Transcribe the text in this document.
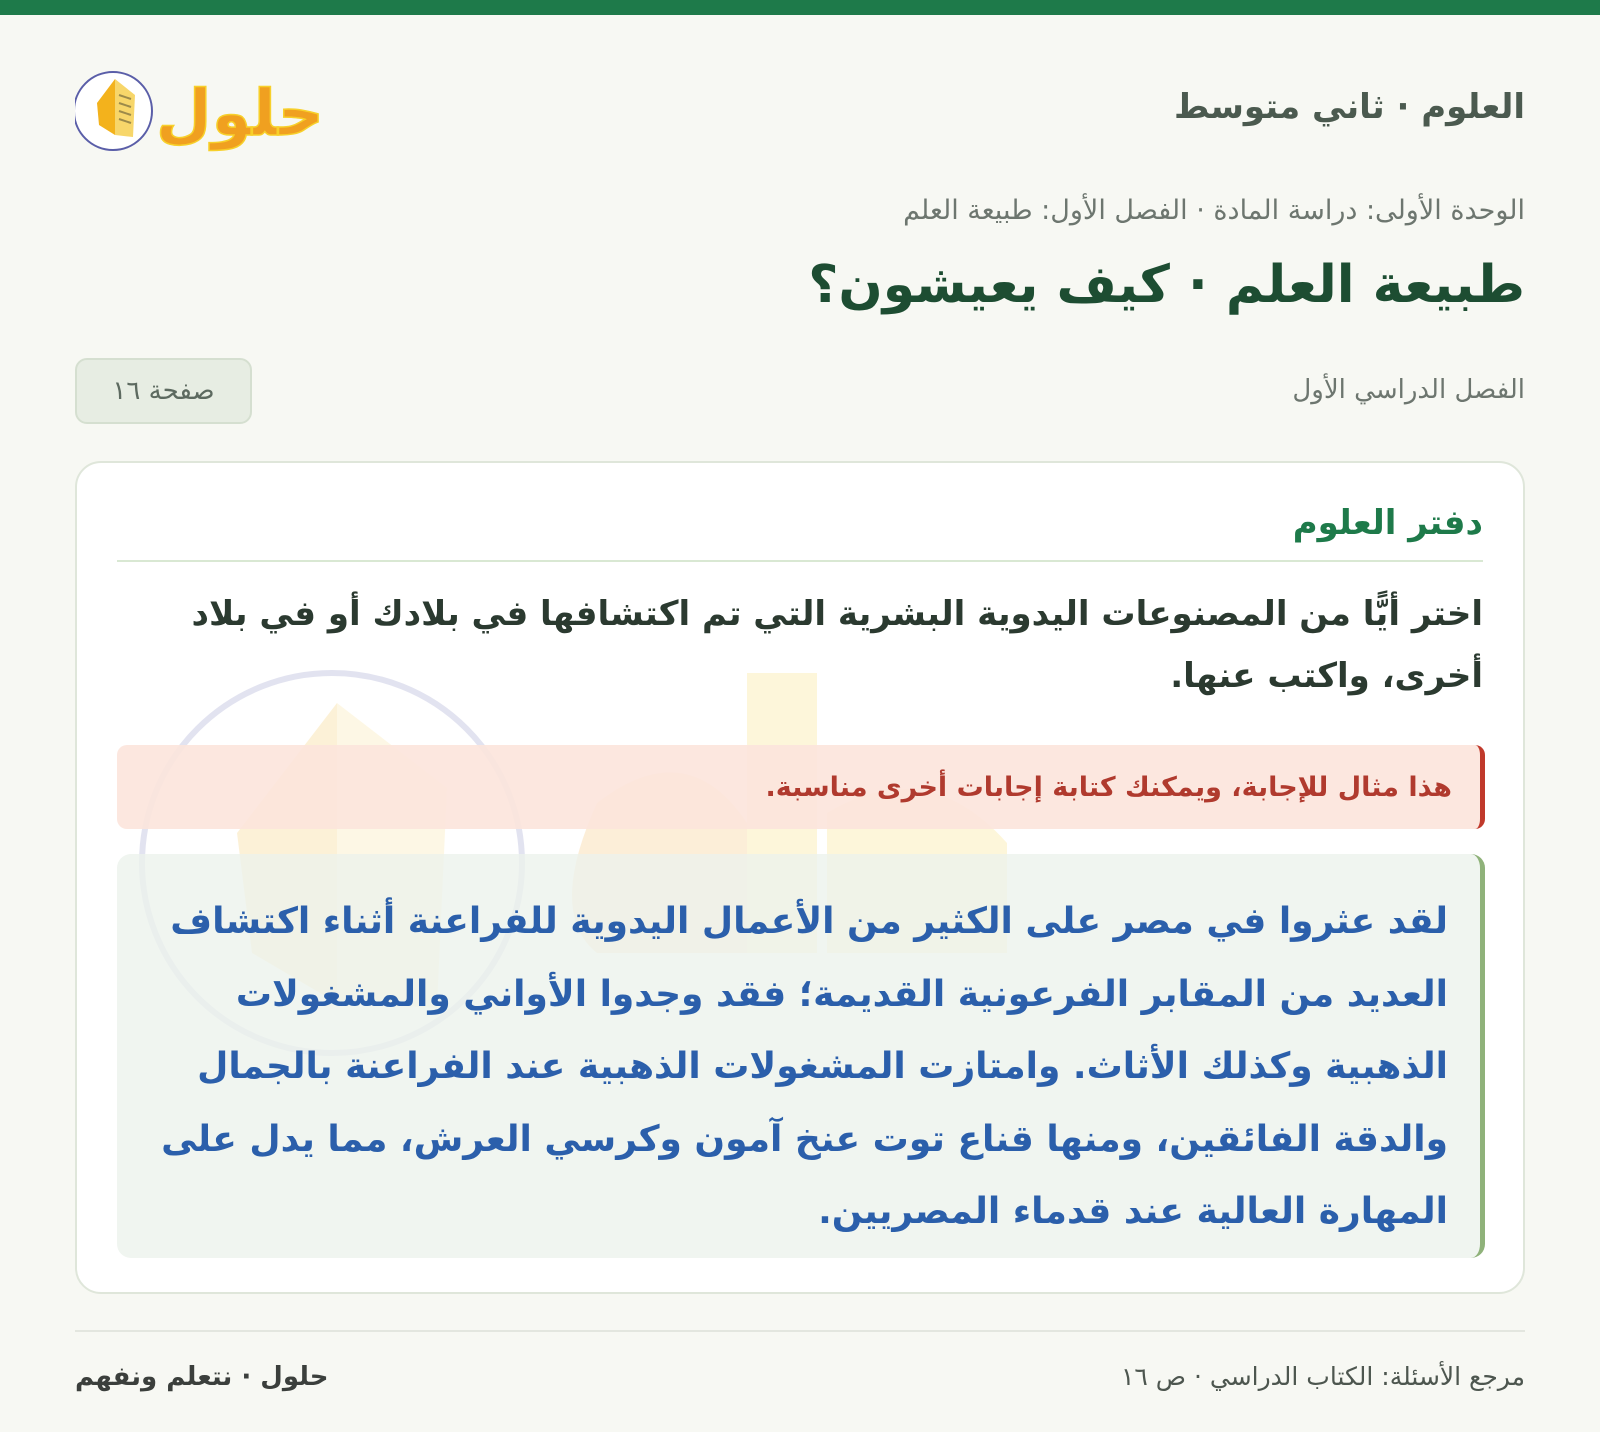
العلوم · ثاني متوسط
حلول
الوحدة الأولى: دراسة المادة · الفصل الأول: طبيعة العلم
طبيعة العلم · كيف يعيشون؟
الفصل الدراسي الأول
صفحة ١٦
دفتر العلوم
اختر أيًّا من المصنوعات اليدوية البشرية التي تم اكتشافها في بلادك أو في بلاد أخرى، واكتب عنها.
هذا مثال للإجابة، ويمكنك كتابة إجابات أخرى مناسبة.

لقد عثروا في مصر على الكثير من الأعمال اليدوية للفراعنة أثناء اكتشاف العديد من المقابر الفرعونية القديمة؛ فقد وجدوا الأواني والمشغولات الذهبية وكذلك الأثاث. وامتازت المشغولات الذهبية عند الفراعنة بالجمال والدقة الفائقين، ومنها قناع توت عنخ آمون وكرسي العرش، مما يدل على المهارة العالية عند قدماء المصريين.

مرجع الأسئلة: الكتاب الدراسي · ص ١٦
حلول · نتعلم ونفهم
